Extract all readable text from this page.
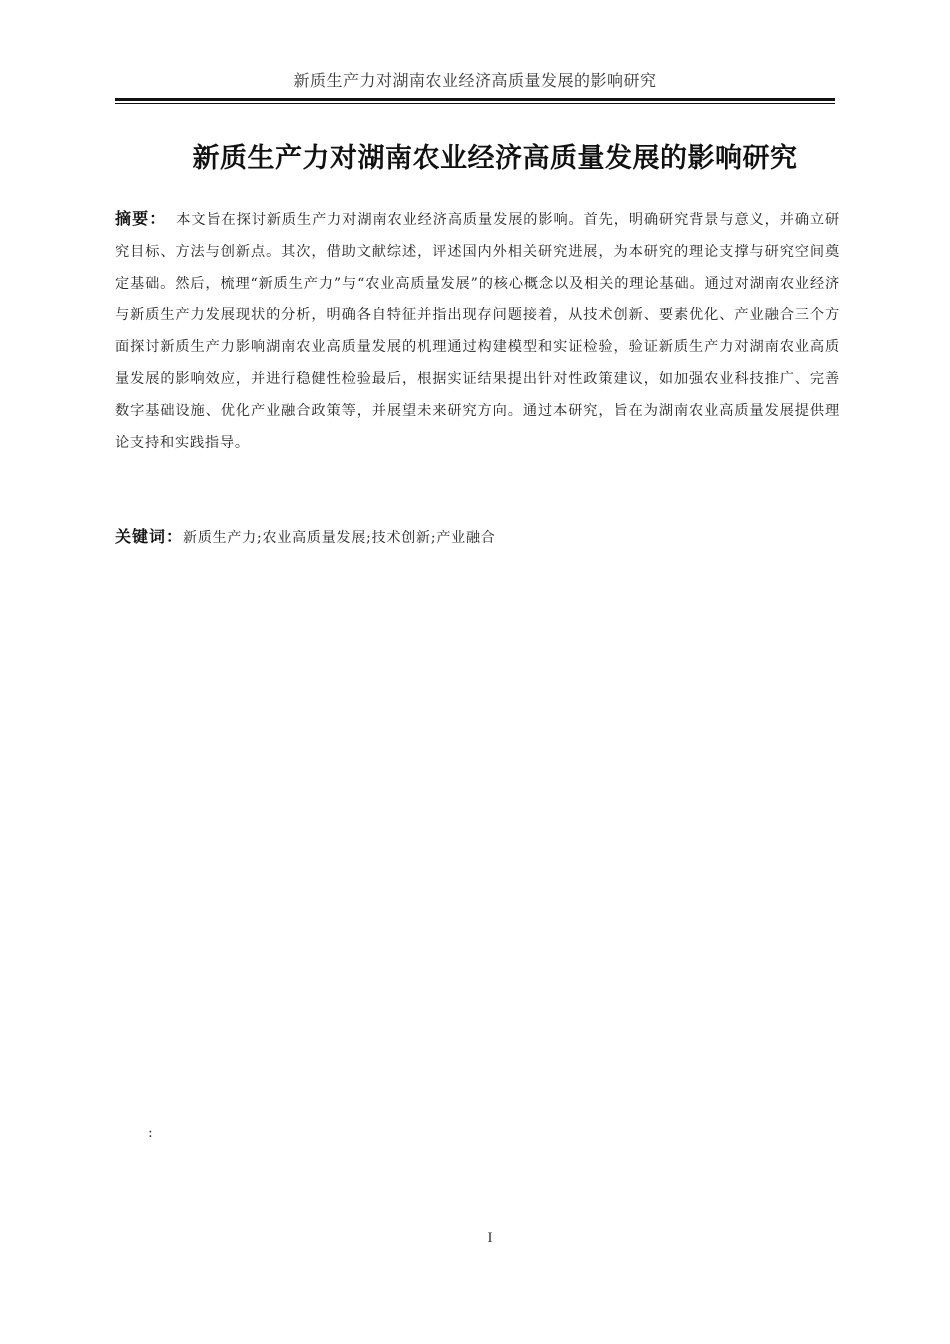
新质生产力对湖南农业经济高质量发展的影响研究
新质生产力对湖南农业经济高质量发展的影响研究
摘要： 本文旨在探讨新质生产力对湖南农业经济高质量发展的影响。首先，明确研究背景与意义，并确立研究目标、方法与创新点。其次，借助文献综述，评述国内外相关研究进展，为本研究的理论支撑与研究空间奠定基础。然后，梳理“新质生产力”与“农业高质量发展”的核心概念以及相关的理论基础。通过对湖南农业经济与新质生产力发展现状的分析，明确各自特征并指出现存问题接着，从技术创新、要素优化、产业融合三个方面探讨新质生产力影响湖南农业高质量发展的机理通过构建模型和实证检验，验证新质生产力对湖南农业高质量发展的影响效应，并进行稳健性检验最后，根据实证结果提出针对性政策建议，如加强农业科技推广、完善数字基础设施、优化产业融合政策等，并展望未来研究方向。通过本研究，旨在为湖南农业高质量发展提供理论支持和实践指导。
关键词：新质生产力;农业高质量发展;技术创新;产业融合
:
I
